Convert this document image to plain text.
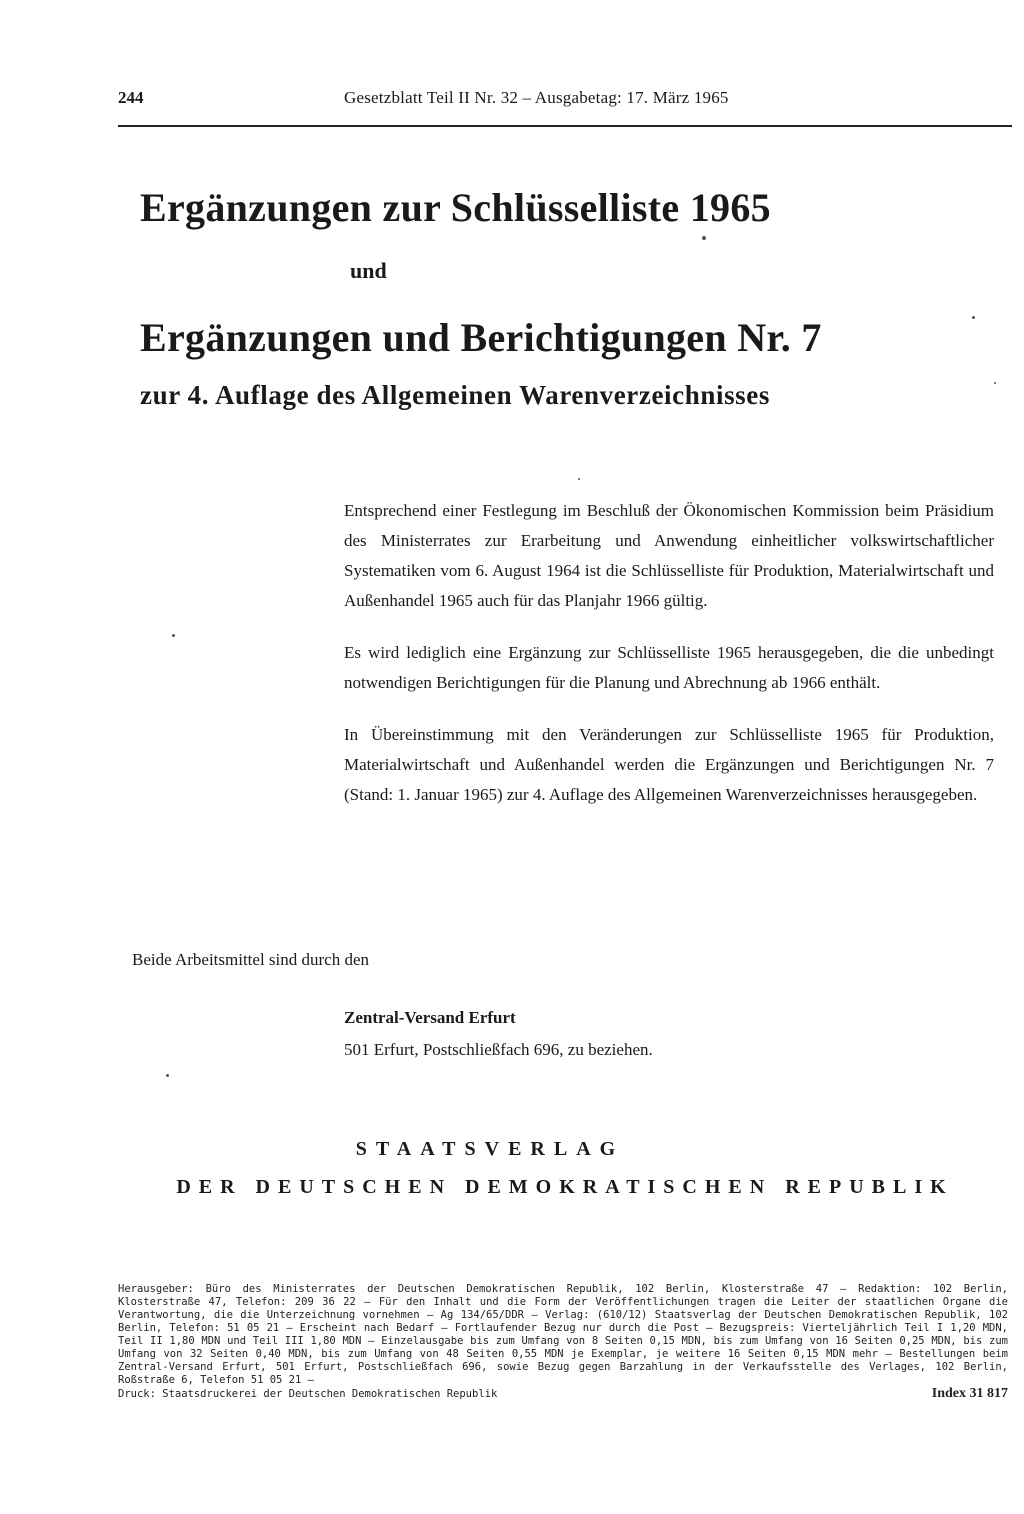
244	Gesetzblatt Teil II Nr. 32 – Ausgabetag: 17. März 1965
Ergänzungen zur Schlüsselliste 1965
und
Ergänzungen und Berichtigungen Nr. 7
zur 4. Auflage des Allgemeinen Warenverzeichnisses

Entsprechend einer Festlegung im Beschluß der Ökonomischen Kommission beim Präsidium des Ministerrates zur Erarbeitung und Anwendung einheitlicher volkswirtschaftlicher Systematiken vom 6. August 1964 ist die Schlüsselliste für Produktion, Materialwirtschaft und Außenhandel 1965 auch für das Planjahr 1966 gültig.

Es wird lediglich eine Ergänzung zur Schlüsselliste 1965 herausgegeben, die die unbedingt notwendigen Berichtigungen für die Planung und Abrechnung ab 1966 enthält.

In Übereinstimmung mit den Veränderungen zur Schlüsselliste 1965 für Produktion, Materialwirtschaft und Außenhandel werden die Ergänzungen und Berichtigungen Nr. 7 (Stand: 1. Januar 1965) zur 4. Auflage des Allgemeinen Warenverzeichnisses herausgegeben.

Beide Arbeitsmittel sind durch den
Zentral-Versand Erfurt
501 Erfurt, Postschließfach 696, zu beziehen.
STAATSVERLAG
DER DEUTSCHEN DEMOKRATISCHEN REPUBLIK
Herausgeber: Büro des Ministerrates der Deutschen Demokratischen Republik, 102 Berlin, Klosterstraße 47 – Redaktion: 102 Berlin, Klosterstraße 47, Telefon: 209 36 22 – Für den Inhalt und die Form der Veröffentlichungen tragen die Leiter der staatlichen Organe die Verantwortung, die die Unterzeichnung vornehmen – Ag 134/65/DDR – Verlag: (610/12) Staatsverlag der Deutschen Demokratischen Republik, 102 Berlin, Telefon: 51 05 21 – Erscheint nach Bedarf – Fortlaufender Bezug nur durch die Post – Bezugspreis: Vierteljährlich Teil I 1,20 MDN, Teil II 1,80 MDN und Teil III 1,80 MDN – Einzelausgabe bis zum Umfang von 8 Seiten 0,15 MDN, bis zum Umfang von 16 Seiten 0,25 MDN, bis zum Umfang von 32 Seiten 0,40 MDN, bis zum Umfang von 48 Seiten 0,55 MDN je Exemplar, je weitere 16 Seiten 0,15 MDN mehr – Bestellungen beim Zentral-Versand Erfurt, 501 Erfurt, Postschließfach 696, sowie Bezug gegen Barzahlung in der Verkaufsstelle des Verlages, 102 Berlin, Roßstraße 6, Telefon 51 05 21 –
Druck: Staatsdruckerei der Deutschen Demokratischen Republik	Index 31 817
